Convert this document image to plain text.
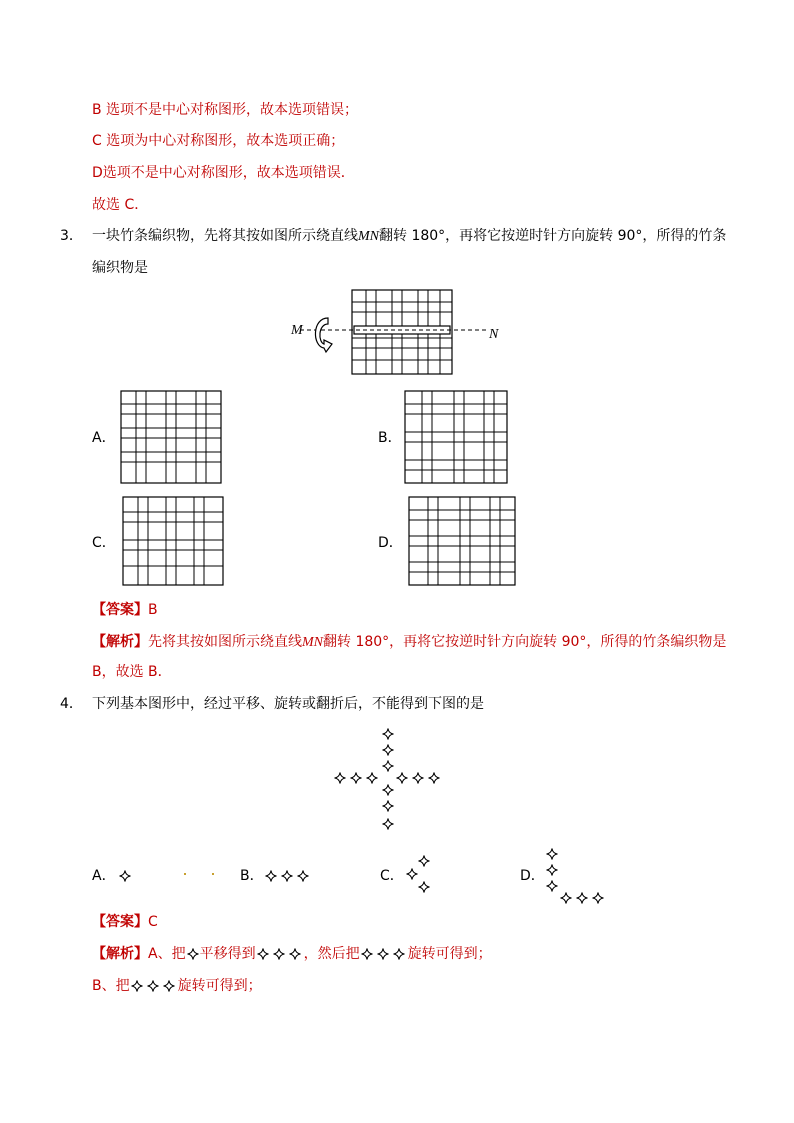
B 选项不是中心对称图形，故本选项错误；
C 选项为中心对称图形，故本选项正确；
D选项不是中心对称图形，故本选项错误．
故选 C．
3． 一块竹条编织物，先将其按如图所示绕直线MN翻转 180°，再将它按逆时针方向旋转 90°，所得的竹条
编织物是
M	N
A．	B．
C．	D．
【答案】B
【解析】先将其按如图所示绕直线MN翻转 180°，再将它按逆时针方向旋转 90°，所得的竹条编织物是
B，故选 B．
4． 下列基本图形中，经过平移、旋转或翻折后，不能得到下图的是
A．	B．	C．	D．
【答案】C
【解析】A、把 平移得到	，然后把	旋转可得到；
B、把	旋转可得到；
